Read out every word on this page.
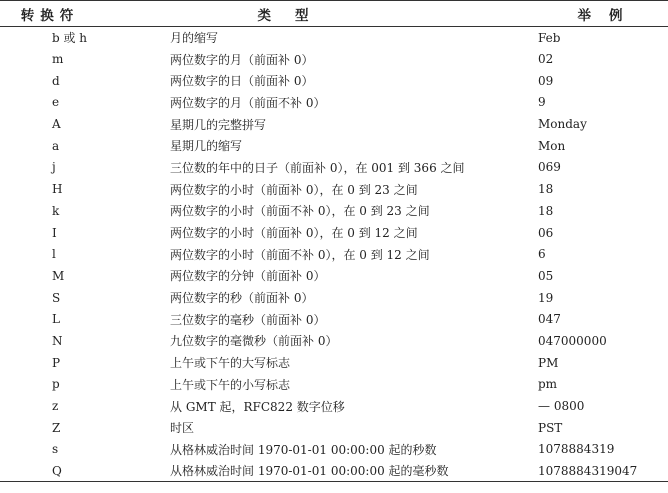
转换符	类型	举例
b 或 h	月的缩写	Feb
m	两位数字的月（前面补 0）	02
d	两位数字的日（前面补 0）	09
e	两位数字的月（前面不补 0）	9
A	星期几的完整拼写	Monday
a	星期几的缩写	Mon
j	三位数的年中的日子（前面补 0），在 001 到 366 之间	069
H	两位数字的小时（前面补 0），在 0 到 23 之间	18
k	两位数字的小时（前面不补 0），在 0 到 23 之间	18
I	两位数字的小时（前面补 0），在 0 到 12 之间	06
l	两位数字的小时（前面不补 0），在 0 到 12 之间	6
M	两位数字的分钟（前面补 0）	05
S	两位数字的秒（前面补 0）	19
L	三位数字的毫秒（前面补 0）	047
N	九位数字的毫微秒（前面补 0）	047000000
P	上午或下午的大写标志	PM
p	上午或下午的小写标志	pm
z	从 GMT 起，RFC822 数字位移	— 0800
Z	时区	PST
s	从格林威治时间 1970-01-01 00:00:00 起的秒数	1078884319
Q	从格林威治时间 1970-01-01 00:00:00 起的毫秒数	1078884319047
